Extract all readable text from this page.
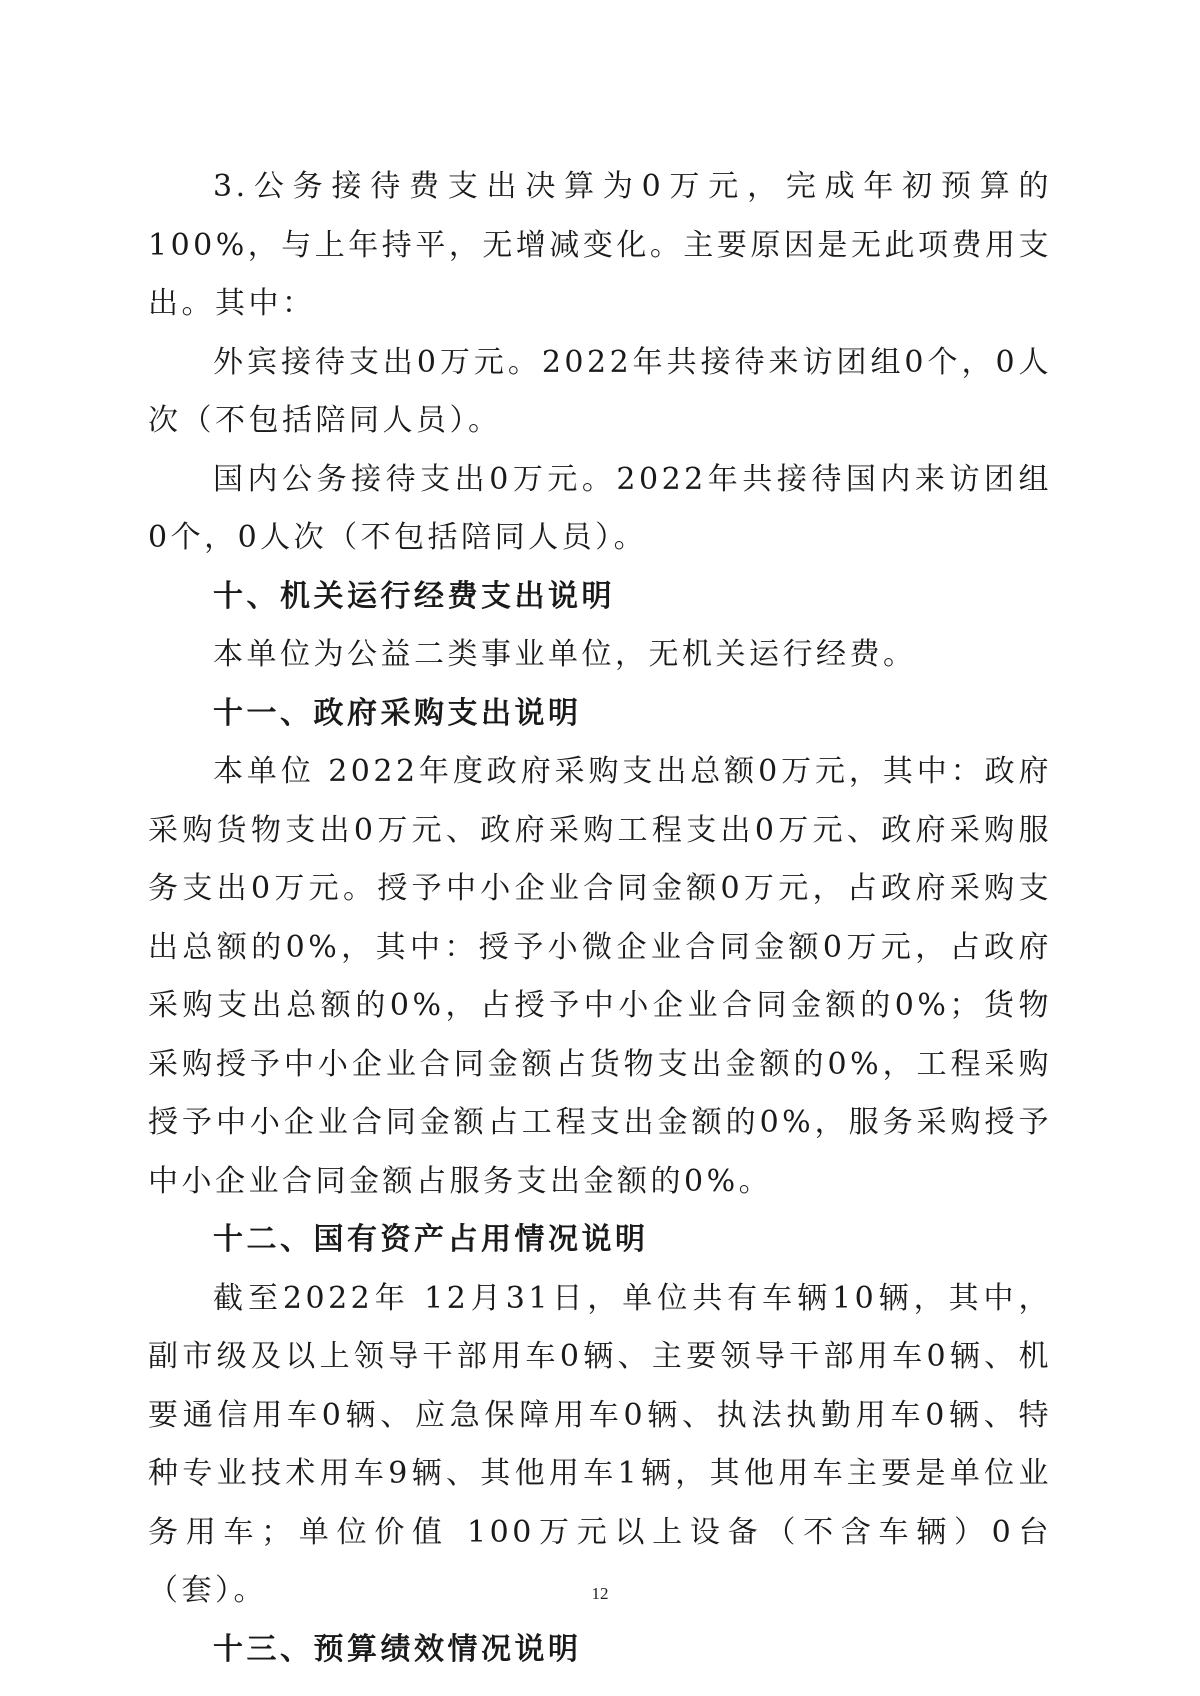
3.公务接待费支出决算为0万元，完成年初预算的100%，与上年持平，无增减变化。主要原因是无此项费用支出。其中：

外宾接待支出0万元。2022年共接待来访团组0个，0人次（不包括陪同人员）。

国内公务接待支出0万元。2022年共接待国内来访团组0个，0人次（不包括陪同人员）。

十、机关运行经费支出说明

本单位为公益二类事业单位，无机关运行经费。

十一、政府采购支出说明

本单位 2022年度政府采购支出总额0万元，其中：政府采购货物支出0万元、政府采购工程支出0万元、政府采购服务支出0万元。授予中小企业合同金额0万元，占政府采购支出总额的0%，其中：授予小微企业合同金额0万元，占政府采购支出总额的0%，占授予中小企业合同金额的0%；货物采购授予中小企业合同金额占货物支出金额的0%，工程采购授予中小企业合同金额占工程支出金额的0%，服务采购授予中小企业合同金额占服务支出金额的0%。

十二、国有资产占用情况说明

截至2022年 12月31日，单位共有车辆10辆，其中，副市级及以上领导干部用车0辆、主要领导干部用车0辆、机要通信用车0辆、应急保障用车0辆、执法执勤用车0辆、特种专业技术用车9辆、其他用车1辆，其他用车主要是单位业务用车；单位价值 100万元以上设备（不含车辆）0台（套）。

十三、预算绩效情况说明

12
